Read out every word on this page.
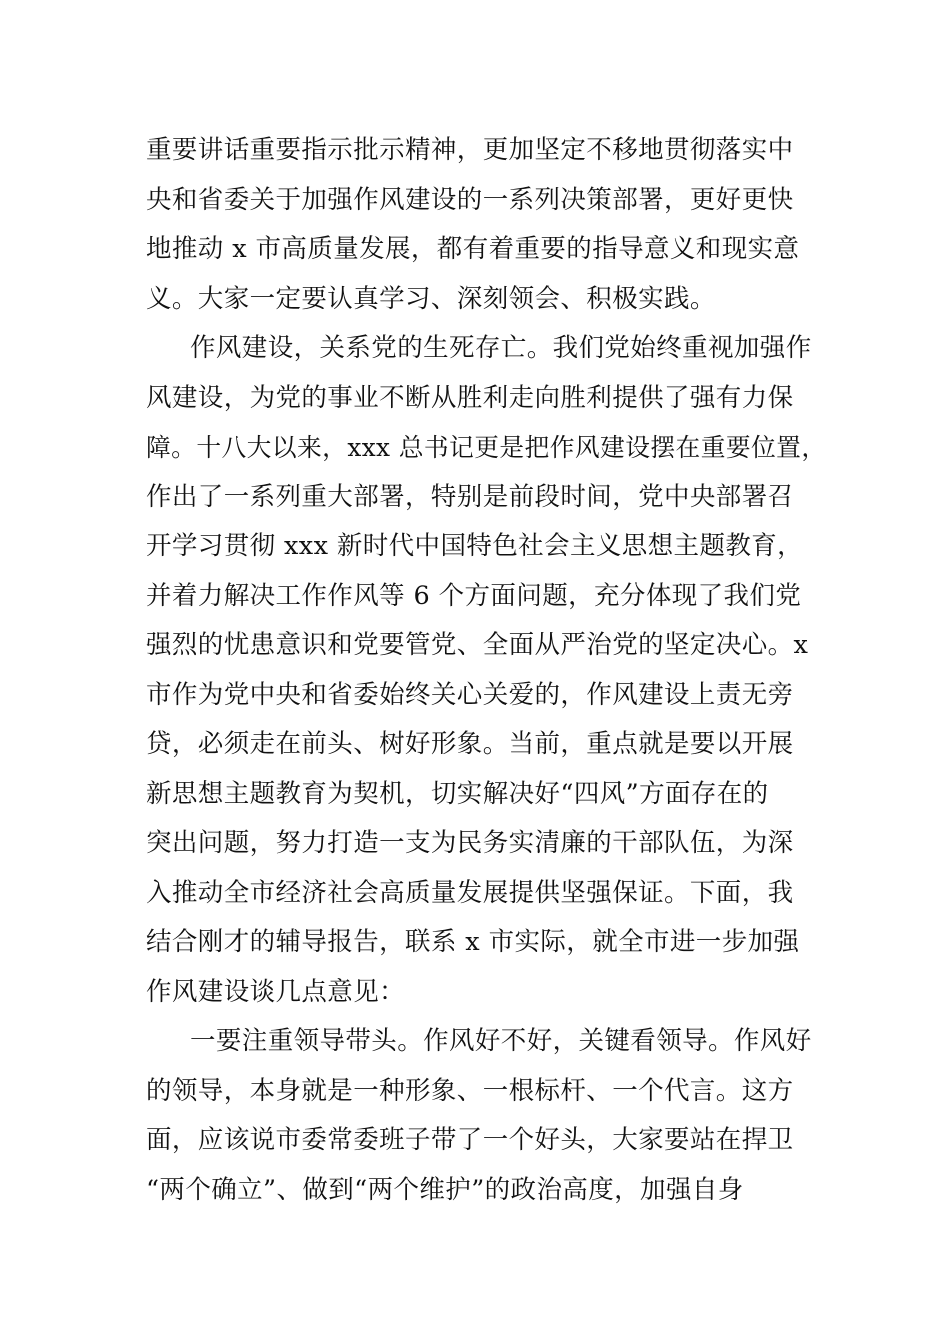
重要讲话重要指示批示精神，更加坚定不移地贯彻落实中
央和省委关于加强作风建设的一系列决策部署，更好更快
地推动 x 市高质量发展，都有着重要的指导意义和现实意
义。大家一定要认真学习、深刻领会、积极实践。
作风建设，关系党的生死存亡。我们党始终重视加强作
风建设，为党的事业不断从胜利走向胜利提供了强有力保
障。十八大以来，xxx 总书记更是把作风建设摆在重要位置，
作出了一系列重大部署，特别是前段时间，党中央部署召
开学习贯彻 xxx 新时代中国特色社会主义思想主题教育，
并着力解决工作作风等 6 个方面问题，充分体现了我们党
强烈的忧患意识和党要管党、全面从严治党的坚定决心。x
市作为党中央和省委始终关心关爱的，作风建设上责无旁
贷，必须走在前头、树好形象。当前，重点就是要以开展
新思想主题教育为契机，切实解决好“四风”方面存在的
突出问题，努力打造一支为民务实清廉的干部队伍，为深
入推动全市经济社会高质量发展提供坚强保证。下面，我
结合刚才的辅导报告，联系 x 市实际，就全市进一步加强
作风建设谈几点意见：
一要注重领导带头。作风好不好，关键看领导。作风好
的领导，本身就是一种形象、一根标杆、一个代言。这方
面，应该说市委常委班子带了一个好头，大家要站在捍卫
“两个确立”、做到“两个维护”的政治高度，加强自身
